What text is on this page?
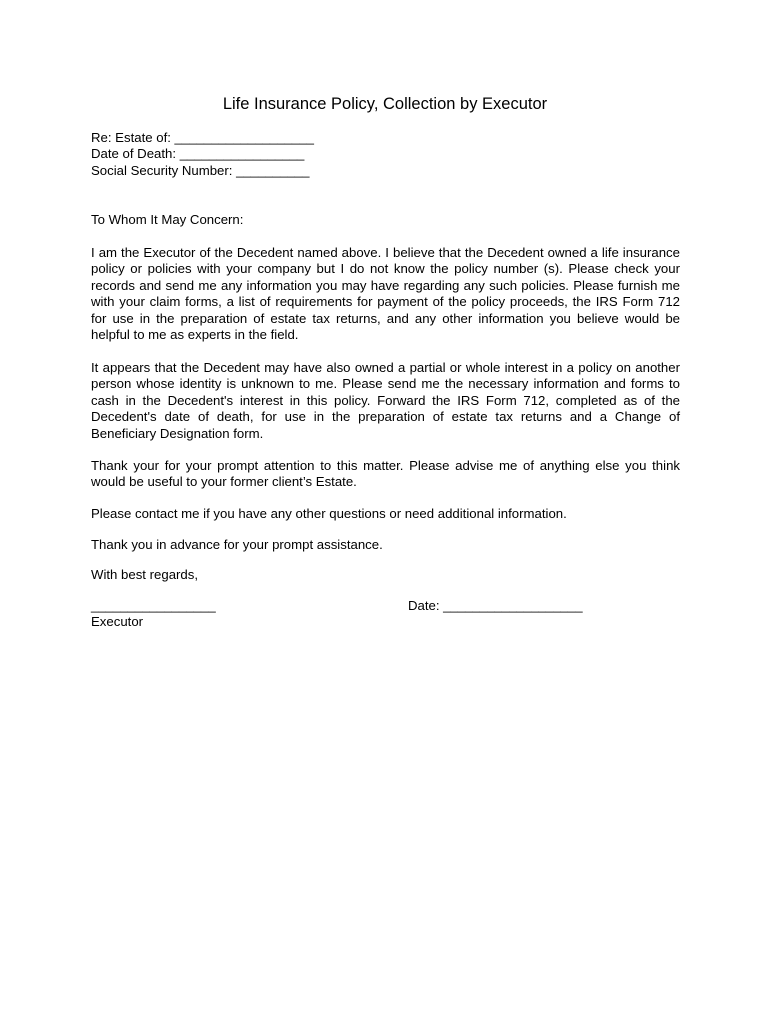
Life Insurance Policy, Collection by Executor
Re: Estate of: ___________________
Date of Death: _________________
Social Security Number: __________
To Whom It May Concern:
I am the Executor of the Decedent named above. I believe that the Decedent owned a life insurance policy or policies with your company but I do not know the policy number (s). Please check your records and send me any information you may have regarding any such policies. Please furnish me with your claim forms, a list of requirements for payment of the policy proceeds, the IRS Form 712 for use in the preparation of estate tax returns, and any other information you believe would be helpful to me as experts in the field.
It appears that the Decedent may have also owned a partial or whole interest in a policy on another person whose identity is unknown to me. Please send me the necessary information and forms to cash in the Decedent's interest in this policy. Forward the IRS Form 712, completed as of the Decedent's date of death, for use in the preparation of estate tax returns and a Change of Beneficiary Designation form.
Thank your for your prompt attention to this matter. Please advise me of anything else you think would be useful to your former client’s Estate.
Please contact me if you have any other questions or need additional information.
Thank you in advance for your prompt assistance.
With best regards,
_________________	Date: ___________________
Executor
